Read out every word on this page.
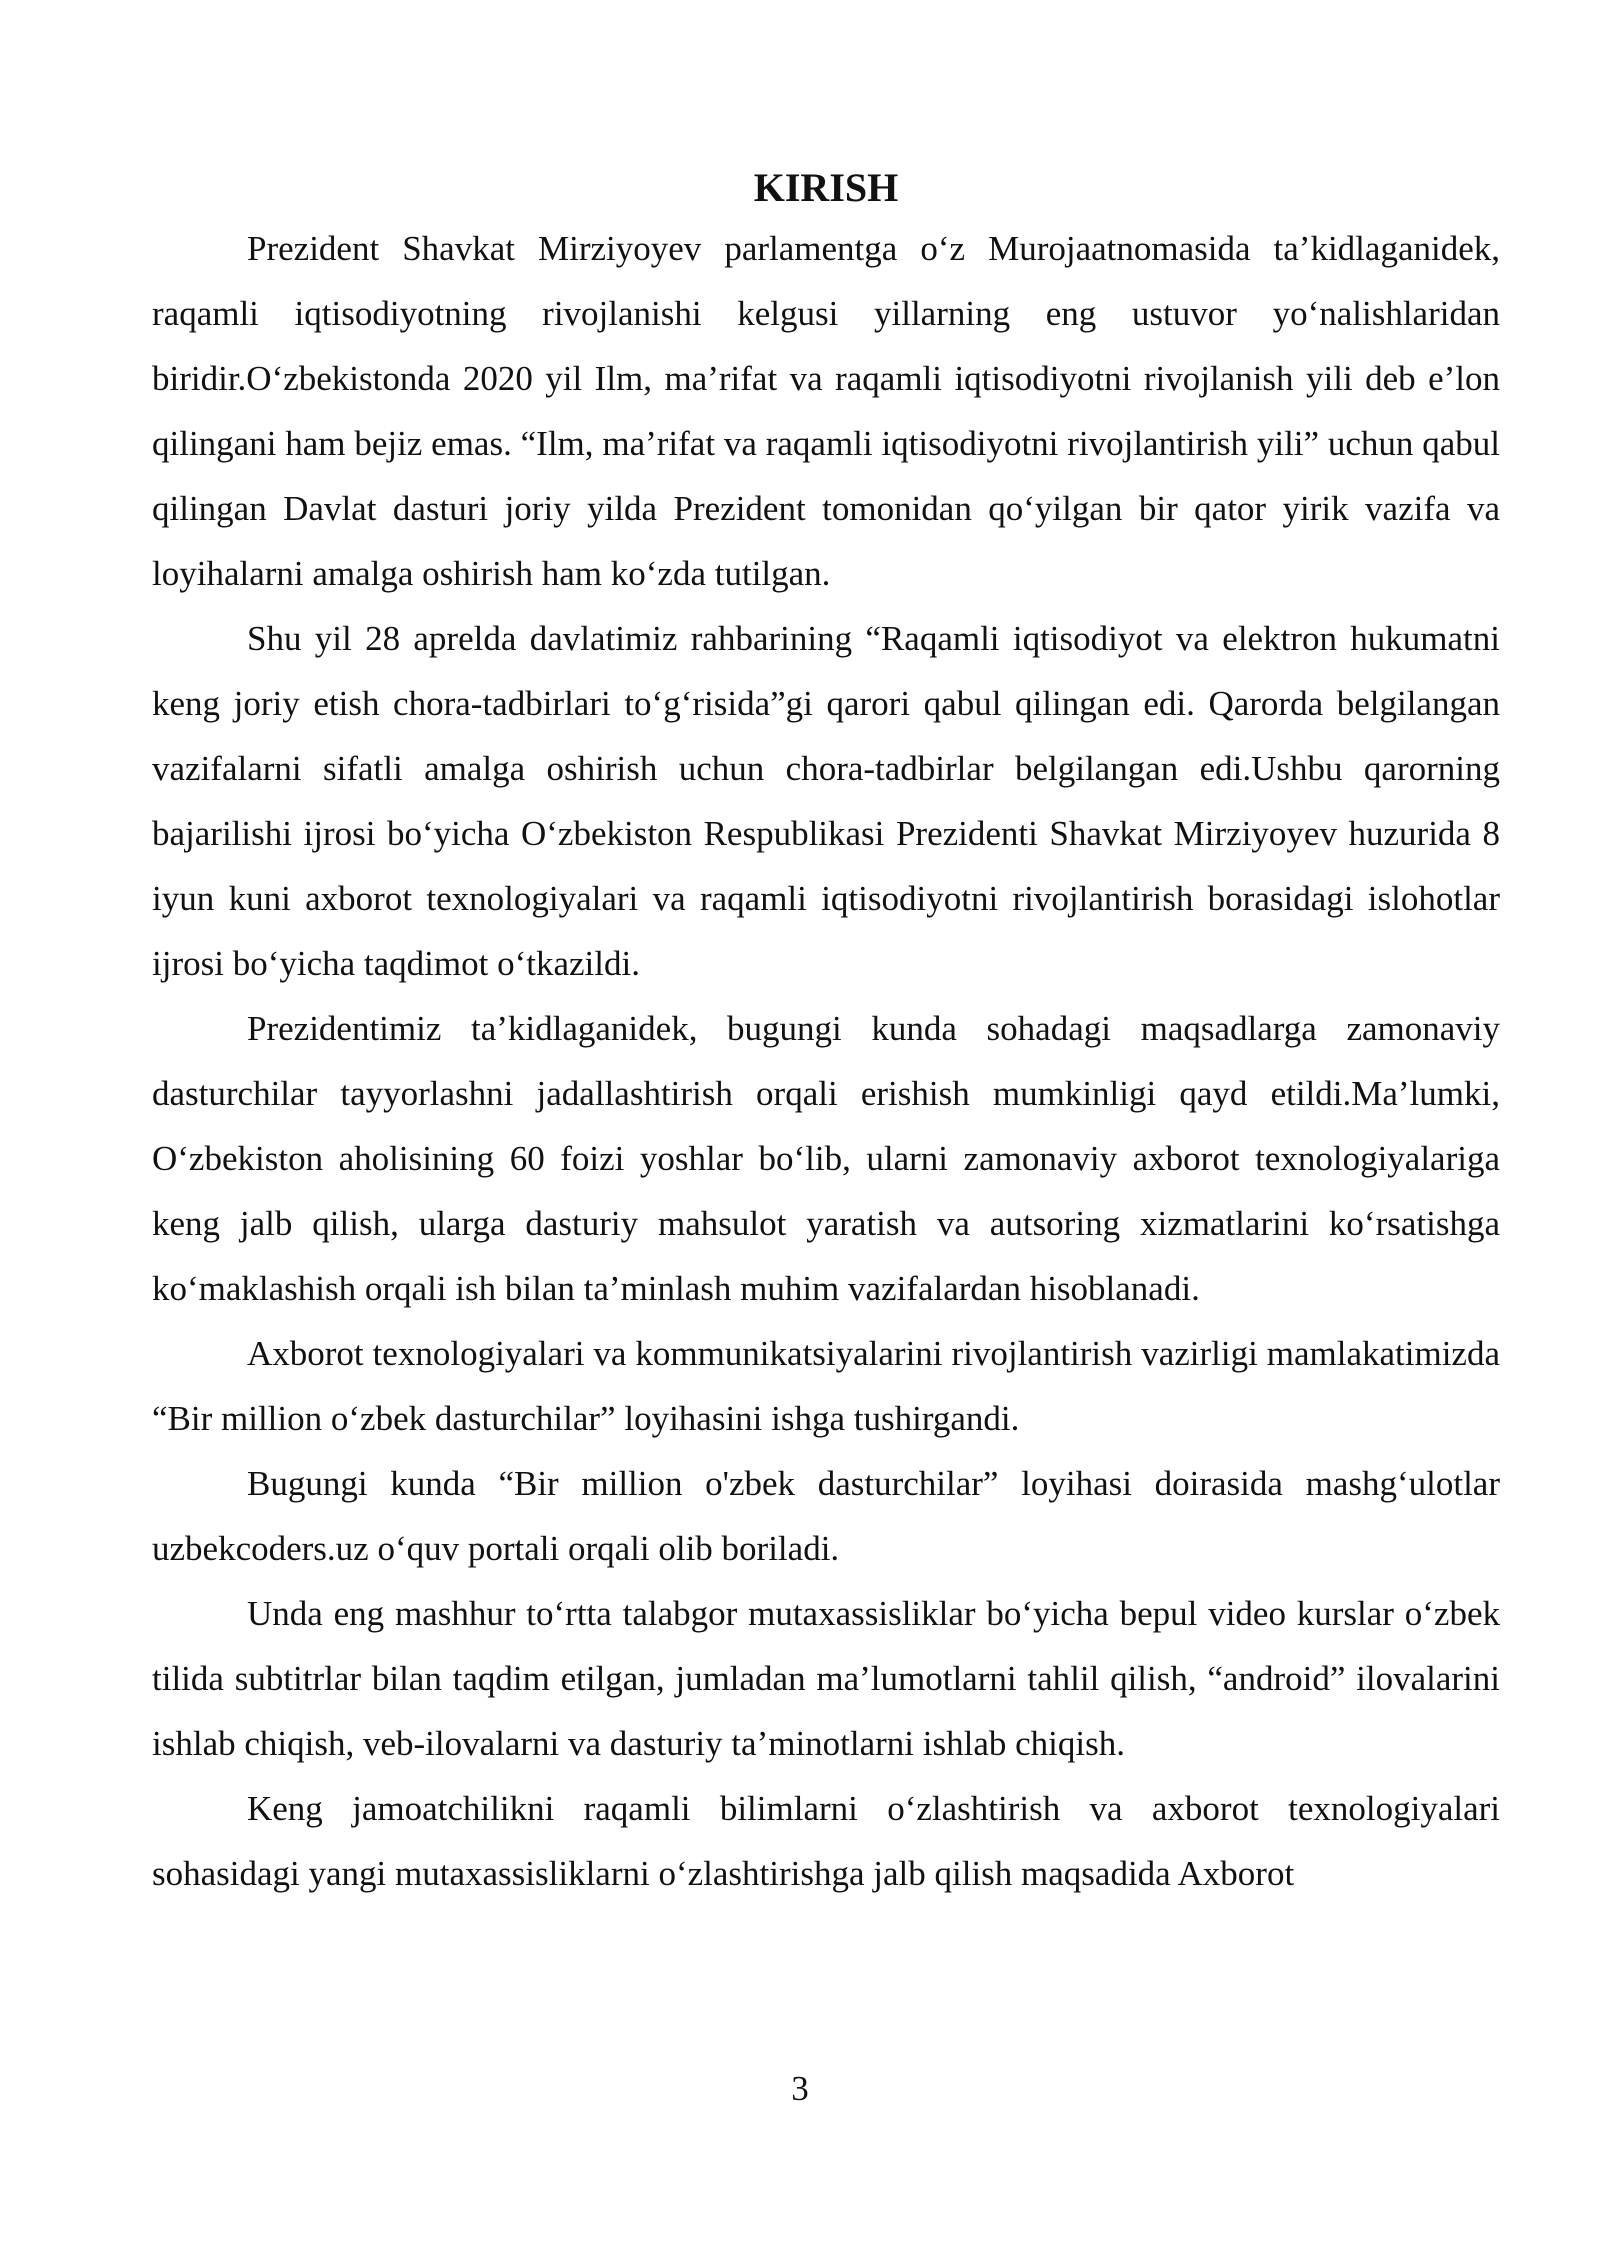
KIRISH

Prezident Shavkat Mirziyoyev parlamentga o‘z Murojaatnomasida ta’kidlaganidek, raqamli iqtisodiyotning rivojlanishi kelgusi yillarning eng ustuvor yo‘nalishlaridan biridir.O‘zbekistonda 2020 yil Ilm, ma’rifat va raqamli iqtisodiyotni rivojlanish yili deb e’lon qilingani ham bejiz emas. “Ilm, ma’rifat va raqamli iqtisodiyotni rivojlantirish yili” uchun qabul qilingan Davlat dasturi joriy yilda Prezident tomonidan qo‘yilgan bir qator yirik vazifa va loyihalarni amalga oshirish ham ko‘zda tutilgan.

Shu yil 28 aprelda davlatimiz rahbarining “Raqamli iqtisodiyot va elektron hukumatni keng joriy etish chora-tadbirlari to‘g‘risida”gi qarori qabul qilingan edi. Qarorda belgilangan vazifalarni sifatli amalga oshirish uchun chora-tadbirlar belgilangan edi.Ushbu qarorning bajarilishi ijrosi bo‘yicha O‘zbekiston Respublikasi Prezidenti Shavkat Mirziyoyev huzurida 8 iyun kuni axborot texnologiyalari va raqamli iqtisodiyotni rivojlantirish borasidagi islohotlar ijrosi bo‘yicha taqdimot o‘tkazildi.

Prezidentimiz ta’kidlaganidek, bugungi kunda sohadagi maqsadlarga zamonaviy dasturchilar tayyorlashni jadallashtirish orqali erishish mumkinligi qayd etildi.Ma’lumki, O‘zbekiston aholisining 60 foizi yoshlar bo‘lib, ularni zamonaviy axborot texnologiyalariga keng jalb qilish, ularga dasturiy mahsulot yaratish va autsoring xizmatlarini ko‘rsatishga ko‘maklashish orqali ish bilan ta’minlash muhim vazifalardan hisoblanadi.

Axborot texnologiyalari va kommunikatsiyalarini rivojlantirish vazirligi mamlakatimizda “Bir million o‘zbek dasturchilar” loyihasini ishga tushirgandi.

Bugungi kunda “Bir million o'zbek dasturchilar” loyihasi doirasida mashg‘ulotlar uzbekcoders.uz o‘quv portali orqali olib boriladi.

Unda eng mashhur to‘rtta talabgor mutaxassisliklar bo‘yicha bepul video kurslar o‘zbek tilida subtitrlar bilan taqdim etilgan, jumladan ma’lumotlarni tahlil qilish, “android” ilovalarini ishlab chiqish, veb-ilovalarni va dasturiy ta’minotlarni ishlab chiqish.

Keng jamoatchilikni raqamli bilimlarni o‘zlashtirish va axborot texnologiyalari sohasidagi yangi mutaxassisliklarni o‘zlashtirishga jalb qilish maqsadida Axborot

3
